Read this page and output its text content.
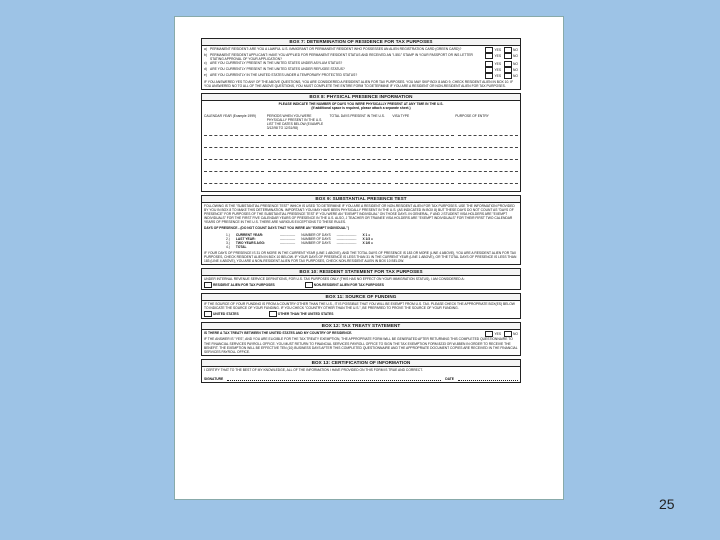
BOX 7: DETERMINATION OF RESIDENCE FOR TAX PURPOSES
a) PERMANENT RESIDENT: ARE YOU A LAWFUL U.S. IMMIGRANT OR PERMANENT RESIDENT WHO POSSESSES AN ALIEN REGISTRATION CARD (GREEN CARD)?	YES	NO
b) PERMANENT RESIDENT APPLICANT: HAVE YOU APPLIED FOR PERMANENT RESIDENT STATUS AND RECEIVED AN "I-551" STAMP IN YOUR PASSPORT OR INS LETTER STATING APPROVAL OF YOUR APPLICATION?
YES	NO
c) ARE YOU CURRENTLY PRESENT IN THE UNITED STATES UNDER ASYLUM STATUS?	YES	NO
d) ARE YOU CURRENTLY PRESENT IN THE UNITED STATES UNDER REFUGEE STATUS?	YES	NO
e) ARE YOU CURRENTLY IN THE UNITED STATES UNDER A TEMPORARY PROTECTED STATUS?	YES	NO
IF YOU ANSWERED YES TO ANY OF THE ABOVE QUESTIONS, YOU ARE CONSIDERED A RESIDENT ALIEN FOR TAX PURPOSES. YOU MAY SKIP BOX 8 AND 9, CHECK RESIDENT ALIEN IN BOX 10. IF YOU ANSWERED NO TO ALL OF THE ABOVE QUESTIONS, YOU MUST COMPLETE THE ENTIRE FORM TO DETERMINE IF YOU ARE A RESIDENT OR NON-RESIDENT ALIEN FOR TAX PURPOSES.
BOX 8: PHYSICAL PRESENCE INFORMATION
PLEASE INDICATE THE NUMBER OF DAYS YOU WERE PHYSICALLY PRESENT AT ANY TIME IN THE U.S.
(If additional space is required, please attach a separate sheet.)
CALENDAR YEAR (Example 1999)	PERIODS WHEN YOU WERE PHYSICALLY PRESENT IN THE U.S. LIST THE DATES BELOW (EXAMPLE 3/12/98 TO 12/31/98)
TOTAL DAYS PRESENT IN THE U.S.	VISA TYPE	PURPOSE OF ENTRY
BOX 9: SUBSTANTIAL PRESENCE TEST
FOLLOWING IS THE "SUBSTANTIAL PRESENCE TEST" WHICH IS USED TO DETERMINE IF YOU ARE A RESIDENT OR NON-RESIDENT ALIEN FOR TAX PURPOSES. USE THE INFORMATION PROVIDED BY YOU IN BOX 8 TO MAKE THIS DETERMINATION. IMPORTANT: YOU MAY HAVE BEEN PHYSICALLY PRESENT IN THE U.S. (AS INDICATED IN BOX 8) BUT THESE DAYS DO NOT COUNT AS "DAYS OF PRESENCE" FOR PURPOSES OF THE SUBSTANTIAL PRESENCE TEST IF YOU WERE AN "EXEMPT INDIVIDUAL" ON THOSE DAYS. IN GENERAL, F AND J STUDENT VISA HOLDERS ARE "EXEMPT INDIVIDUALS" FOR THE FIRST FIVE CALENDAR YEARS OF PRESENCE IN THE U.S. ALSO, J TEACHER OR TRAINEE VISA HOLDERS ARE "EXEMPT INDIVIDUALS" FOR THEIR FIRST TWO CALENDAR YEARS OF PRESENCE IN THE U.S. THERE ARE VARIOUS EXCEPTIONS TO THESE RULES.
DAYS OF PRESENCE - (DO NOT COUNT DAYS THAT YOU WERE AN "EXEMPT INDIVIDUAL")
1.) CURRENT YEAR:	-------------- NUMBER OF DAYS ------------------ X 1 =
2.) LAST YEAR:	-------------- NUMBER OF DAYS ------------------ X 1/3 =
3.) TWO YEARS AGO:	-------------- NUMBER OF DAYS ------------------ X 1/6 =
4.) TOTAL
IF YOUR DAYS OF PRESENCE IS 31 OR MORE IN THE CURRENT YEAR (LINE 1 ABOVE), AND THE TOTAL DAYS OF PRESENCE IS 183 OR MORE (LINE 4 ABOVE), YOU ARE A RESIDENT ALIEN FOR TAX PURPOSES, CHECK RESIDENT ALIEN IN BOX 10 BELOW. IF YOUR DAYS OF PRESENCE IS LESS THAN 31 IN THE CURRENT YEAR (LINE 1 ABOVE), OR THE TOTAL DAYS OF PRESENCE IS LESS THAN 183 (LINE 4 ABOVE), YOU ARE A NON-RESIDENT ALIEN FOR TAX PURPOSES, CHECK NON-RESIDENT ALIEN IN BOX 10 BELOW.
BOX 10: RESIDENT STATEMENT FOR TAX PURPOSES
UNDER INTERNAL REVENUE SERVICE DEFINITIONS, FOR U.S. TAX PURPOSES ONLY (THIS HAS NO EFFECT ON YOUR IMMIGRATION STATUS), I AM CONSIDERED A:
RESIDENT ALIEN FOR TAX PURPOSES	NON-RESIDENT ALIEN FOR TAX PURPOSES
BOX 11: SOURCE OF FUNDING
IF THE SOURCE OF YOUR FUNDING IS FROM A COUNTRY OTHER THAN THE U.S., IT IS POSSIBLE THAT YOU WILL BE EXEMPT FROM U.S. TAX. PLEASE CHECK THE APPROPRIATE BOX(ES) BELOW TO INDICATE THE SOURCE OF YOUR FUNDING. IF YOU CHECK "COUNTRY OTHER THAN THE U.S.", BE PREPARED TO PROVE THE SOURCE OF YOUR FUNDING.
UNITED STATES	OTHER THAN THE UNITED STATES
BOX 12: TAX TREATY STATEMENT
IS THERE A TAX TREATY BETWEEN THE UNITED STATES AND MY COUNTRY OF RESIDENCE.	YES	NO
IF THE ANSWER IS "YES", AND YOU ARE ELIGIBLE FOR THE TAX TREATY EXEMPTION, THE APPROPRIATE FORM WILL BE GENERATED AFTER RETURNING THIS COMPLETED QUESTIONNAIRE TO THE FINANCIAL SERVICES PAYROLL OFFICE. YOU MUST RETURN TO FINANCIAL SERVICES PAYROLL OFFICE TO SIGN THE TAX EXEMPTION FORM 8233 OR W-8BEN IN ORDER TO RECEIVE THE BENEFIT. THE EXEMPTION WILL BE EFFECTIVE TEN (10) BUSINESS DAYS AFTER THIS COMPLETED QUESTIONNAIRE AND THE APPROPRIATE DOCUMENT COPIES ARE RECEIVED IN THE FINANCIAL SERVICES PAYROLL OFFICE.
BOX 13: CERTIFICATION OF INFORMATION
I CERTIFY THAT TO THE BEST OF MY KNOWLEDGE, ALL OF THE INFORMATION I HAVE PROVIDED ON THIS FORM IS TRUE AND CORRECT.
SIGNATURE	DATE
25
